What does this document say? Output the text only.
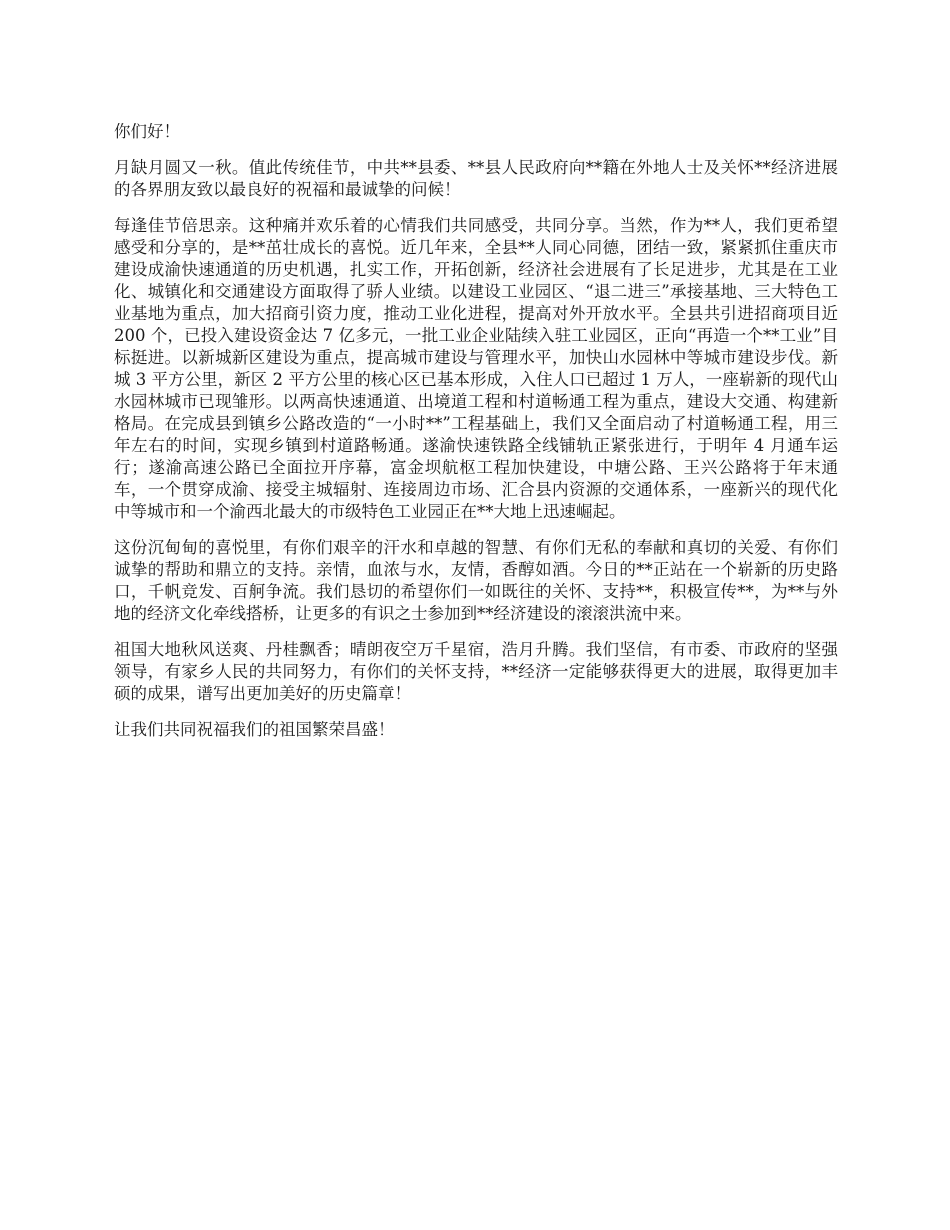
你们好！

月缺月圆又一秋。值此传统佳节，中共**县委、**县人民政府向**籍在外地人士及关怀**经济进展的各界朋友致以最良好的祝福和最诚挚的问候！

每逢佳节倍思亲。这种痛并欢乐着的心情我们共同感受，共同分享。当然，作为**人，我们更希望感受和分享的，是**茁壮成长的喜悦。近几年来，全县**人同心同德，团结一致，紧紧抓住重庆市建设成渝快速通道的历史机遇，扎实工作，开拓创新，经济社会进展有了长足进步，尤其是在工业化、城镇化和交通建设方面取得了骄人业绩。以建设工业园区、“退二进三”承接基地、三大特色工业基地为重点，加大招商引资力度，推动工业化进程，提高对外开放水平。全县共引进招商项目近 200 个，已投入建设资金达 7 亿多元，一批工业企业陆续入驻工业园区，正向“再造一个**工业”目标挺进。以新城新区建设为重点，提高城市建设与管理水平，加快山水园林中等城市建设步伐。新城 3 平方公里，新区 2 平方公里的核心区已基本形成，入住人口已超过 1 万人，一座崭新的现代山水园林城市已现雏形。以两高快速通道、出境道工程和村道畅通工程为重点，建设大交通、构建新格局。在完成县到镇乡公路改造的“一小时**”工程基础上，我们又全面启动了村道畅通工程，用三年左右的时间，实现乡镇到村道路畅通。遂渝快速铁路全线铺轨正紧张进行，于明年 4 月通车运行；遂渝高速公路已全面拉开序幕，富金坝航枢工程加快建设，中塘公路、王兴公路将于年末通车，一个贯穿成渝、接受主城辐射、连接周边市场、汇合县内资源的交通体系，一座新兴的现代化中等城市和一个渝西北最大的市级特色工业园正在**大地上迅速崛起。

这份沉甸甸的喜悦里，有你们艰辛的汗水和卓越的智慧、有你们无私的奉献和真切的关爱、有你们诚挚的帮助和鼎立的支持。亲情，血浓与水，友情，香醇如酒。今日的**正站在一个崭新的历史路口，千帆竞发、百舸争流。我们恳切的希望你们一如既往的关怀、支持**，积极宣传**，为**与外地的经济文化牵线搭桥，让更多的有识之士参加到**经济建设的滚滚洪流中来。

祖国大地秋风送爽、丹桂飘香；晴朗夜空万千星宿，浩月升腾。我们坚信，有市委、市政府的坚强领导，有家乡人民的共同努力，有你们的关怀支持，**经济一定能够获得更大的进展，取得更加丰硕的成果，谱写出更加美好的历史篇章！

让我们共同祝福我们的祖国繁荣昌盛！
